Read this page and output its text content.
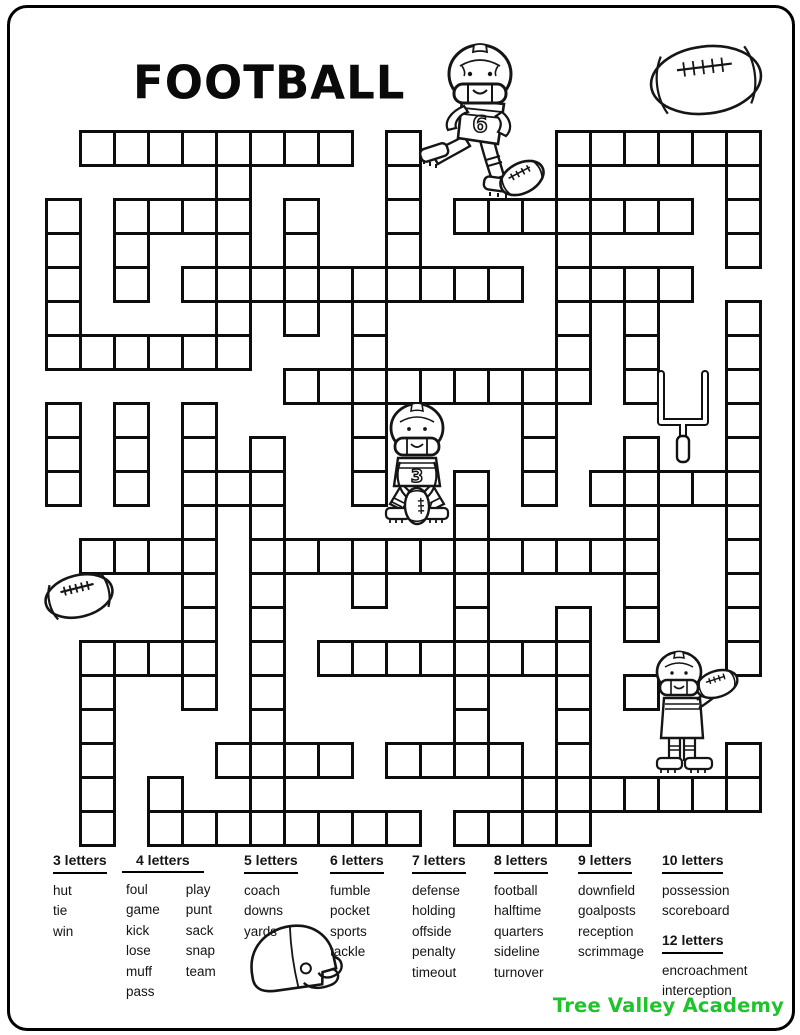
FOOTBALL
6
3
3 letters
hut
tie
win
4 letters
foul
game
kick
lose
muff
pass
play
punt
sack
snap
team
5 letters
coach
downs
yards
6 letters
fumble
pocket
sports
tackle
7 letters
defense
holding
offside
penalty
timeout
8 letters
football
halftime
quarters
sideline
turnover
9 letters
downfield
goalposts
reception
scrimmage
10 letters
possession
scoreboard
12 letters
encroachment
interception
Tree Valley Academy
